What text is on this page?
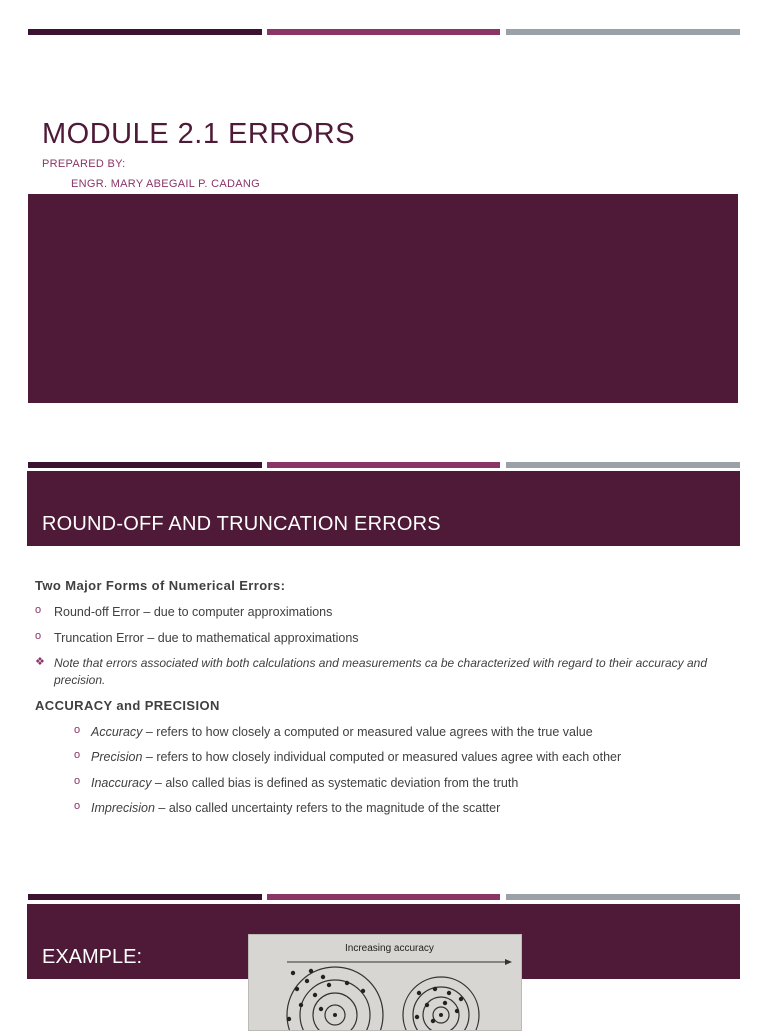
MODULE 2.1 ERRORS
PREPARED BY:
ENGR. MARY ABEGAIL P. CADANG
ROUND-OFF AND TRUNCATION ERRORS
Two Major Forms of Numerical Errors:
o Round-off Error – due to computer approximations
o Truncation Error – due to mathematical approximations
❖ Note that errors associated with both calculations and measurements ca be characterized with regard to their accuracy and precision.
ACCURACY and PRECISION
o Accuracy – refers to how closely a computed or measured value agrees with the true value
o Precision – refers to how closely individual computed or measured values agree with each other
o Inaccuracy – also called bias is defined as systematic deviation from the truth
o Imprecision – also called uncertainty refers to the magnitude of the scatter
EXAMPLE:	Increasing accuracy
